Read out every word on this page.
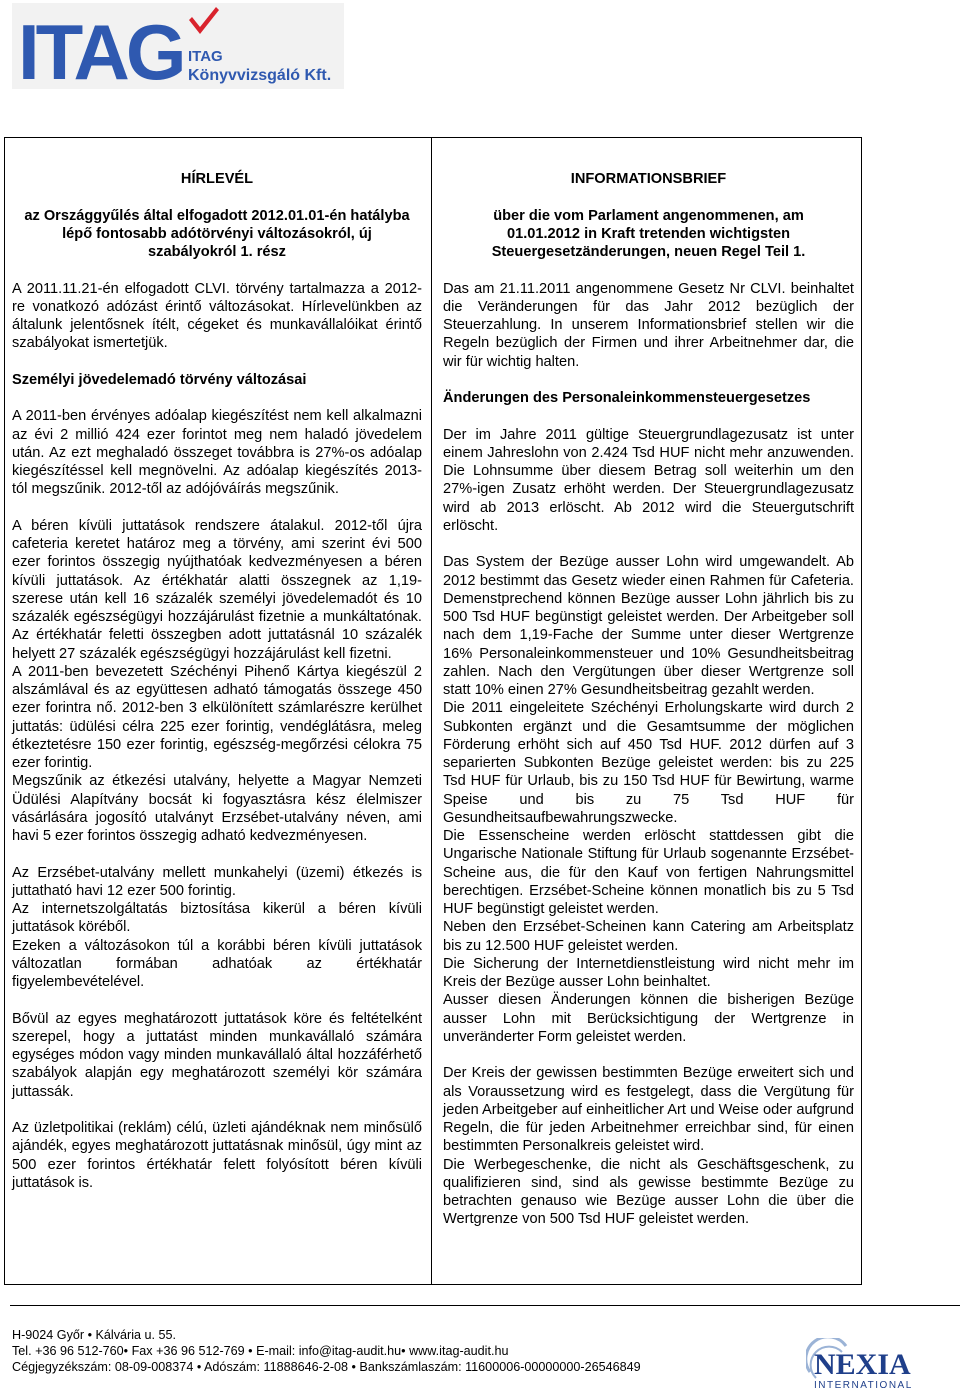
ITAG ITAG
Könyvvizsgáló Kft.

HÍRLEVÉL

az Országgyűlés által elfogadott 2012.01.01-én hatályba lépő fontosabb adótörvényi változásokról, új szabályokról 1. rész

A 2011.11.21-én elfogadott CLVI. törvény tartalmazza a 2012-re vonatkozó adózást érintő változásokat. Hírlevelünkben az általunk jelentősnek ítélt, cégeket és munkavállalóikat érintő szabályokat ismertetjük.

Személyi jövedelemadó törvény változásai

A 2011-ben érvényes adóalap kiegészítést nem kell alkalmazni az évi 2 millió 424 ezer forintot meg nem haladó jövedelem után. Az ezt meghaladó összeget továbbra is 27%-os adóalap kiegészítéssel kell megnövelni. Az adóalap kiegészítés 2013-tól megszűnik. 2012-től az adójóváírás megszűnik.

A béren kívüli juttatások rendszere átalakul. 2012-től újra cafeteria keretet határoz meg a törvény, ami szerint évi 500 ezer forintos összegig nyújthatóak kedvezményesen a béren kívüli juttatások. Az értékhatár alatti összegnek az 1,19-szerese után kell 16 százalék személyi jövedelemadót és 10 százalék egészségügyi hozzájárulást fizetnie a munkáltatónak. Az értékhatár feletti összegben adott juttatásnál 10 százalék helyett 27 százalék egészségügyi hozzájárulást kell fizetni.

A 2011-ben bevezetett Széchényi Pihenő Kártya kiegészül 2 alszámlával és az együttesen adható támogatás összege 450 ezer forintra nő. 2012-ben 3 elkülönített számlarészre kerülhet juttatás: üdülési célra 225 ezer forintig, vendéglátásra, meleg étkeztetésre 150 ezer forintig, egészség-megőrzési célokra 75 ezer forintig.

Megszűnik az étkezési utalvány, helyette a Magyar Nemzeti Üdülési Alapítvány bocsát ki fogyasztásra kész élelmiszer vásárlására jogosító utalványt Erzsébet-utalvány néven, ami havi 5 ezer forintos összegig adható kedvezményesen.

Az Erzsébet-utalvány mellett munkahelyi (üzemi) étkezés is juttatható havi 12 ezer 500 forintig.

Az internetszolgáltatás biztosítása kikerül a béren kívüli juttatások köréből.

Ezeken a változásokon túl a korábbi béren kívüli juttatások változatlan formában adhatóak az értékhatár figyelembevételével.

Bővül az egyes meghatározott juttatások köre és feltételként szerepel, hogy a juttatást minden munkavállaló számára egységes módon vagy minden munkavállaló által hozzáférhető szabályok alapján egy meghatározott személyi kör számára juttassák.

Az üzletpolitikai (reklám) célú, üzleti ajándéknak nem minősülő ajándék, egyes meghatározott juttatásnak minősül, úgy mint az 500 ezer forintos értékhatár felett folyósított béren kívüli juttatások is.

INFORMATIONSBRIEF

über die vom Parlament angenommenen, am 01.01.2012 in Kraft tretenden wichtigsten Steuergesetzänderungen, neuen Regel Teil 1.

Das am 21.11.2011 angenommene Gesetz Nr CLVI. beinhaltet die Veränderungen für das Jahr 2012 bezüglich der Steuerzahlung. In unserem Informationsbrief stellen wir die Regeln bezüglich der Firmen und ihrer Arbeitnehmer dar, die wir für wichtig halten.

Änderungen des Personaleinkommensteuergesetzes

Der im Jahre 2011 gültige Steuergrundlagezusatz ist unter einem Jahreslohn von 2.424 Tsd HUF nicht mehr anzuwenden. Die Lohnsumme über diesem Betrag soll weiterhin um den 27%-igen Zusatz erhöht werden. Der Steuergrundlagezusatz wird ab 2013 erlöscht. Ab 2012 wird die Steuergutschrift erlöscht.

Das System der Bezüge ausser Lohn wird umgewandelt. Ab 2012 bestimmt das Gesetz wieder einen Rahmen für Cafeteria. Demenstprechend können Bezüge ausser Lohn jährlich bis zu 500 Tsd HUF begünstigt geleistet werden. Der Arbeitgeber soll nach dem 1,19-Fache der Summe unter dieser Wertgrenze 16% Personaleinkommensteuer und 10% Gesundheitsbeitrag zahlen. Nach den Vergütungen über dieser Wertgrenze soll statt 10% einen 27% Gesundheitsbeitrag gezahlt werden.

Die 2011 eingeleitete Széchényi Erholungskarte wird durch 2 Subkonten ergänzt und die Gesamtsumme der möglichen Förderung erhöht sich auf 450 Tsd HUF. 2012 dürfen auf 3 separierten Subkonten Bezüge geleistet werden: bis zu 225 Tsd HUF für Urlaub, bis zu 150 Tsd HUF für Bewirtung, warme Speise und bis zu 75 Tsd HUF für Gesundheitsaufbewahrungszwecke.

Die Essenscheine werden erlöscht stattdessen gibt die Ungarische Nationale Stiftung für Urlaub sogenannte Erzsébet-Scheine aus, die für den Kauf von fertigen Nahrungsmittel berechtigen. Erzsébet-Scheine können monatlich bis zu 5 Tsd HUF begünstigt geleistet werden.

Neben den Erzsébet-Scheinen kann Catering am Arbeitsplatz bis zu 12.500 HUF geleistet werden.

Die Sicherung der Internetdienstleistung wird nicht mehr im Kreis der Bezüge ausser Lohn beinhaltet.

Ausser diesen Änderungen können die bisherigen Bezüge ausser Lohn mit Berücksichtigung der Wertgrenze in unveränderter Form geleistet werden.

Der Kreis der gewissen bestimmten Bezüge erweitert sich und als Voraussetzung wird es festgelegt, dass die Vergütung für jeden Arbeitgeber auf einheitlicher Art und Weise oder aufgrund Regeln, die für jeden Arbeitnehmer erreichbar sind, für einen bestimmten Personalkreis geleistet wird.

Die Werbegeschenke, die nicht als Geschäftsgeschenk, zu qualifizieren sind, sind als gewisse bestimmte Bezüge zu betrachten genauso wie Bezüge ausser Lohn die über die Wertgrenze von 500 Tsd HUF geleistet werden.

H-9024 Győr • Kálvária u. 55.
Tel. +36 96 512-760• Fax +36 96 512-769 • E-mail: info@itag-audit.hu• www.itag-audit.hu
Cégjegyzékszám: 08-09-008374 • Adószám: 11888646-2-08 • Bankszámlaszám: 11600006-00000000-26546849	NEXIA
INTERNATIONAL
